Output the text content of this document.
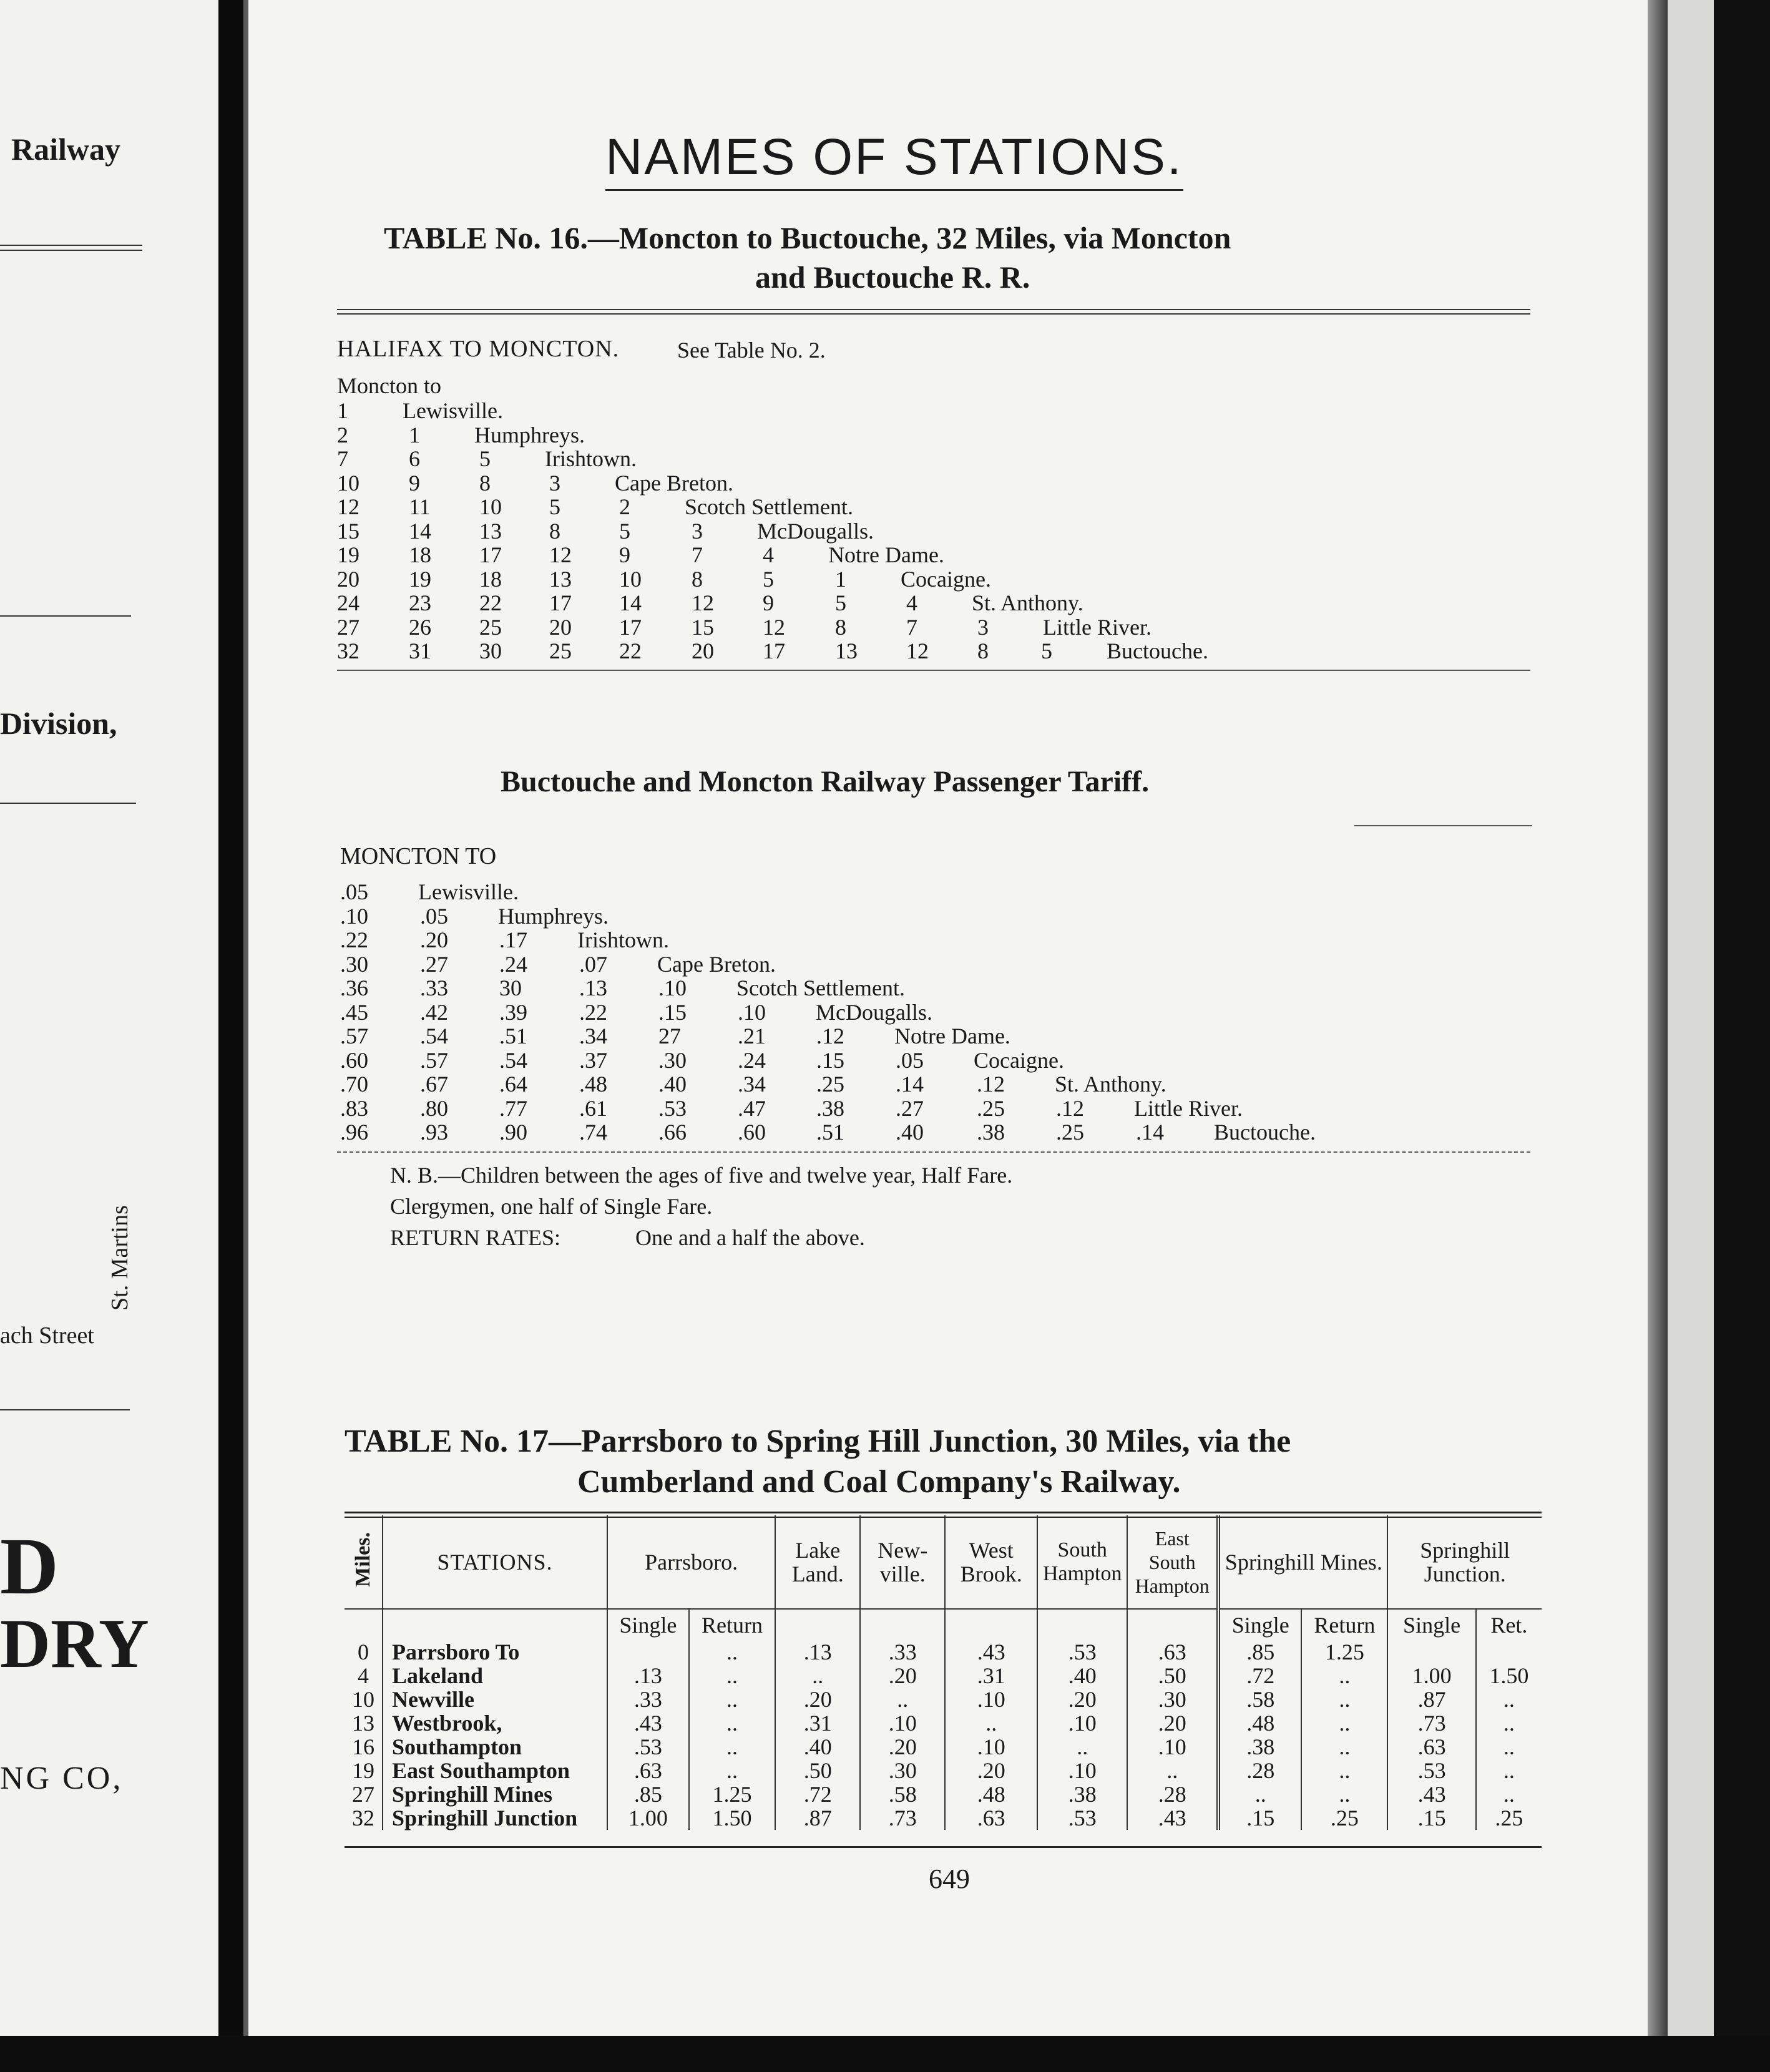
Railway
Division,
St. Martins
ach Street
D
DRY
NG CO,
NAMES OF STATIONS.
TABLE No. 16.—Moncton to Buctouche, 32 Miles, via Moncton
and Buctouche R. R.
HALIFAX TO MONCTON.	See Table No. 2.
Moncton to
1 Lewisville.
2	1 Humphreys.
7	6	5 Irishtown.
10 9	8	3 Cape Breton.
12 11 10 5	2 Scotch Settlement.
15 14 13 8	5	3 McDougalls.
19 18 17 12 9	7	4 Notre Dame.
20 19 18 13 10 8	5	1 Cocaigne.
24 23 22 17 14 12 9	5	4 St. Anthony.
27 26 25 20 17 15 12 8	7	3 Little River.
32 31 30 25 22 20 17 13 12 8 5 Buctouche.
Buctouche and Moncton Railway Passenger Tariff.
MONCTON TO
.05 Lewisville.
.10 .05 Humphreys.
.22 .20 .17 Irishtown.
.30 .27 .24 .07 Cape Breton.
.36 .33 30	.13 .10 Scotch Settlement.
.45 .42 .39 .22 .15 .10 McDougalls.
.57 .54 .51 .34 27	.21 .12 Notre Dame.
.60 .57 .54 .37 .30 .24 .15 .05 Cocaigne.
.70 .67 .64 .48 .40 .34 .25 .14 .12 St. Anthony.
.83 .80 .77 .61 .53 .47 .38 .27 .25 .12 Little River.
.96 .93 .90 .74 .66 .60 .51 .40 .38 .25 .14 Buctouche.
N. B.—Children between the ages of five and twelve year, Half Fare.
Clergymen, one half of Single Fare.
RETURN RATES:	One and a half the above.
TABLE No. 17—Parrsboro to Spring Hill Junction, 30 Miles, via the
Cumberland and Coal Company's Railway.
Miles.	STATIONS.	Parrsboro.		Lake Land.	New-ville.	West Brook.	South Hampton	East South Hampton	Springhill Mines.		Springhill Junction.	
		Single	Return						Single	Return	Single	Ret.
0	Parrsboro To		..	.13	.33	.43	.53	.63	.85	1.25		
4	Lakeland	.13	..	..	.20	.31	.40	.50	.72	..	1.00	1.50
10	Newville	.33	..	.20	..	.10	.20	.30	.58	..	.87	..
13	Westbrook,	.43	..	.31	.10	..	.10	.20	.48	..	.73	..
16	Southampton	.53	..	.40	.20	.10	..	.10	.38	..	.63	..
19	East Southampton	.63	..	.50	.30	.20	.10	..	.28	..	.53	..
27	Springhill Mines	.85	1.25	.72	.58	.48	.38	.28	..	..	.43	..
32	Springhill Junction	1.00	1.50	.87	.73	.63	.53	.43	.15	.25	.15	.25
649
